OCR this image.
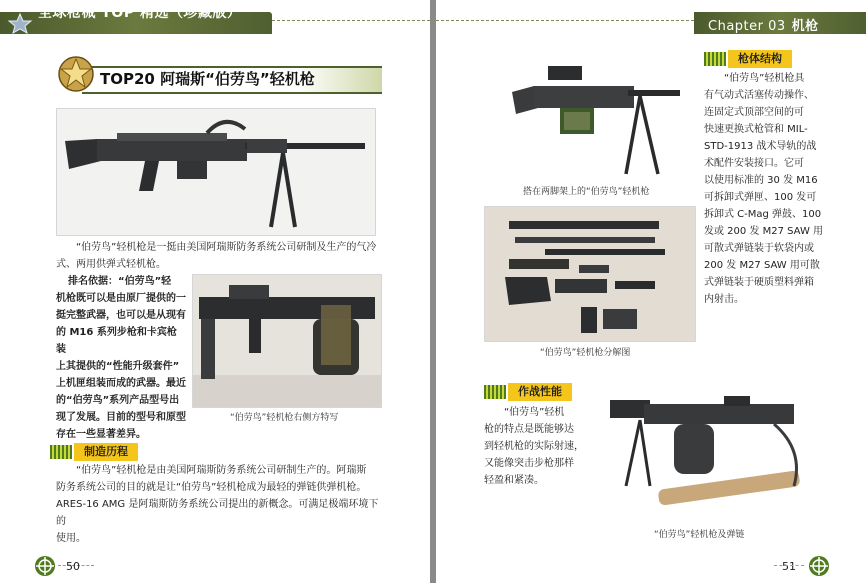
全球枪械 TOP 精选（珍藏版）
TOP20 阿瑞斯“伯劳鸟”轻机枪
“伯劳鸟”轻机枪是一挺由美国阿瑞斯防务系统公司研制及生产的气冷式、两用供弹式轻机枪。
排名依据：“伯劳鸟”轻
机枪既可以是由原厂提供的一
挺完整武器，也可以是从现有
的 M16 系列步枪和卡宾枪装
上其提供的“性能升级套件”
上机匣组装而成的武器。最近
的“伯劳鸟”系列产品型号出
现了发展。目前的型号和原型
存在一些显著差异。
“伯劳鸟”轻机枪右侧方特写
制造历程
“伯劳鸟”轻机枪是由美国阿瑞斯防务系统公司研制生产的。阿瑞斯
防务系统公司的目的就是让“伯劳鸟”轻机枪成为最轻的弹链供弹机枪。
ARES-16 AMG 是阿瑞斯防务系统公司提出的新概念。可满足极端环境下的
使用。
50
Chapter 03 机枪
搭在两脚架上的“伯劳鸟”轻机枪
“伯劳鸟”轻机枪分解图
枪体结构
“伯劳鸟”轻机枪具
有气动式活塞传动操作、
连固定式顶部空间的可
快速更换式枪管和 MIL-
STD-1913 战术导轨的战
术配件安装接口。它可
以使用标准的 30 发 M16
可拆卸式弹匣、100 发可
拆卸式 C-Mag 弹鼓、100
发或 200 发 M27 SAW 用
可散式弹链装于软袋内或
200 发 M27 SAW 用可散
式弹链装于硬质塑料弹箱
内射击。
作战性能
“伯劳鸟”轻机
枪的特点是既能够达
到轻机枪的实际射速，
又能像突击步枪那样
轻盈和紧凑。
“伯劳鸟”轻机枪及弹链
51
